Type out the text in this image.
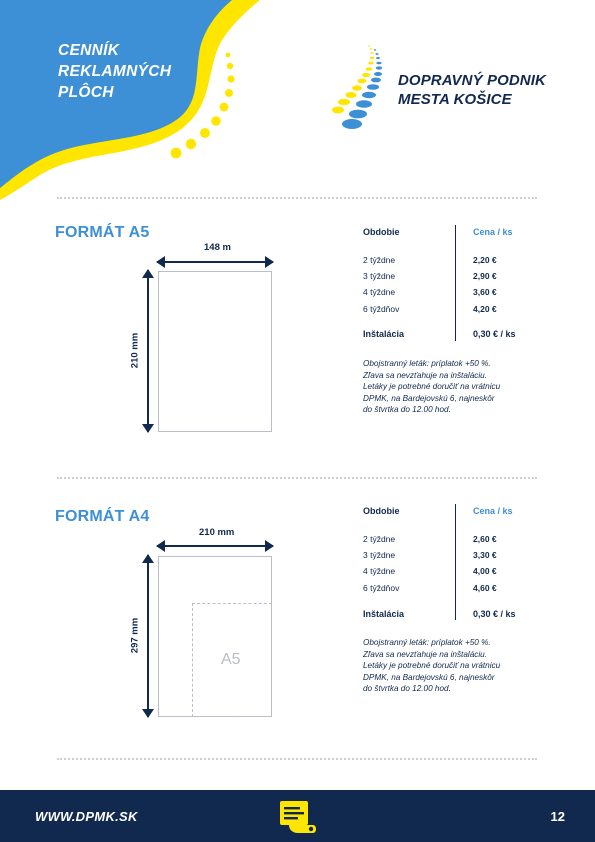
CENNÍK
REKLAMNÝCH
PLÔCH
DOPRAVNÝ PODNIK
MESTA KOŠICE
FORMÁT A5
148 m
210 mm
Obdobie	Cena / ks
2 týždne	2,20 €
3 týždne	2,90 €
4 týždne	3,60 €
6 týždňov	4,20 €
Inštalácia	0,30 € / ks
Obojstranný leták: príplatok +50 %.
Zľava sa nevzťahuje na inštaláciu.
Letáky je potrebné doručiť na vrátnicu
DPMK, na Bardejovskú 6, najneskôr
do štvrtka do 12.00 hod.
FORMÁT A4
210 mm
297 mm
A5
Obdobie	Cena / ks
2 týždne	2,60 €
3 týždne	3,30 €
4 týždne	4,00 €
6 týždňov	4,60 €
Inštalácia	0,30 € / ks
Obojstranný leták: príplatok +50 %.
Zľava sa nevzťahuje na inštaláciu.
Letáky je potrebné doručiť na vrátnicu
DPMK, na Bardejovskú 6, najneskôr
do štvrtka do 12.00 hod.
WWW.DPMK.SK	12
